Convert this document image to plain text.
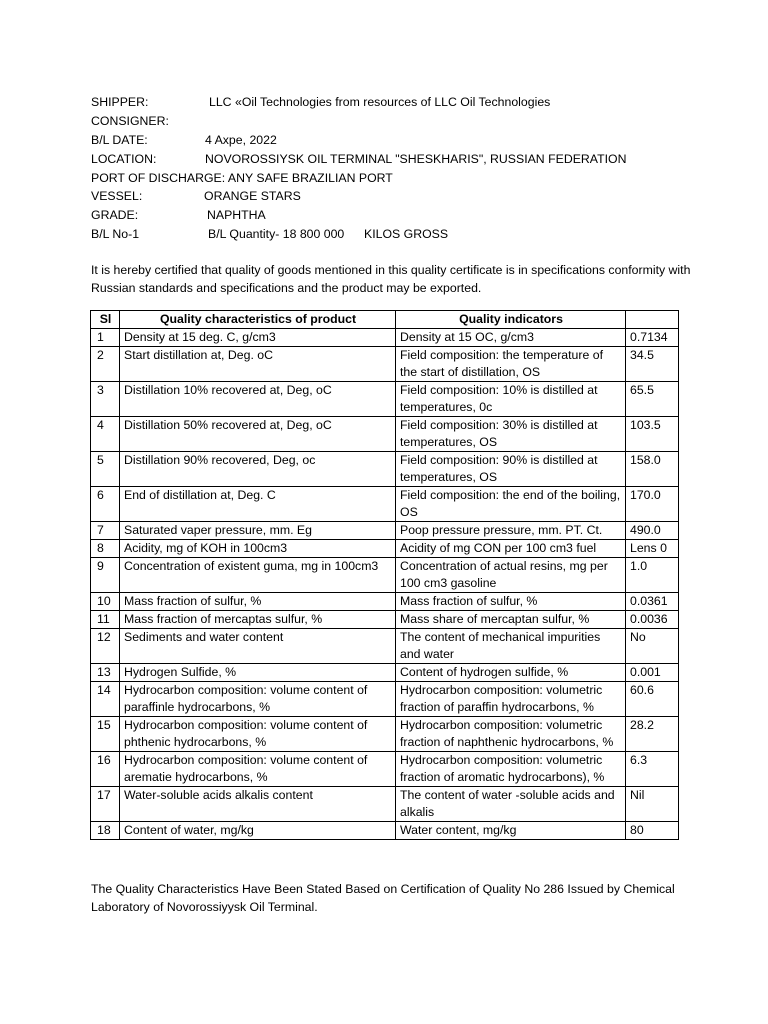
SHIPPER:	LLC «Oil Technologies from resources of LLC Oil Technologies
CONSIGNER:
B/L DATE:	4 Axpe, 2022
LOCATION:	NOVOROSSIYSK OIL TERMINAL "SHESKHARIS", RUSSIAN FEDERATION
PORT OF DISCHARGE: ANY SAFE BRAZILIAN PORT
VESSEL:	ORANGE STARS
GRADE:	NAPHTHA
B/L No-1	B/L Quantity- 18 800 000 KILOS GROSS

It is hereby certified that quality of goods mentioned in this quality certificate is in specifications conformity with Russian standards and specifications and the product may be exported.

Sl	Quality characteristics of product	Quality indicators	
1	Density at 15 deg. C, g/cm3	Density at 15 OC, g/cm3	0.7134
2	Start distillation at, Deg. oC	Field composition: the temperature of the start of distillation, OS	34.5
3	Distillation 10% recovered at, Deg, oC	Field composition: 10% is distilled at temperatures, 0c	65.5
4	Distillation 50% recovered at, Deg, oC	Field composition: 30% is distilled at temperatures, OS	103.5
5	Distillation 90% recovered, Deg, oc	Field composition: 90% is distilled at temperatures, OS	158.0
6	End of distillation at, Deg. C	Field composition: the end of the boiling, OS	170.0
7	Saturated vaper pressure, mm. Eg	Poop pressure pressure, mm. PT. Ct.	490.0
8	Acidity, mg of KOH in 100cm3	Acidity of mg CON per 100 cm3 fuel	Lens 0
9	Concentration of existent guma, mg in 100cm3	Concentration of actual resins, mg per 100 cm3 gasoline	1.0
10	Mass fraction of sulfur, %	Mass fraction of sulfur, %	0.0361
11	Mass fraction of mercaptas sulfur, %	Mass share of mercaptan sulfur, %	0.0036
12	Sediments and water content	The content of mechanical impurities and water	No
13	Hydrogen Sulfide, %	Content of hydrogen sulfide, %	0.001
14	Hydrocarbon composition: volume content of paraffinle hydrocarbons, %	Hydrocarbon composition: volumetric fraction of paraffin hydrocarbons, %	60.6
15	Hydrocarbon composition: volume content of phthenic hydrocarbons, %	Hydrocarbon composition: volumetric fraction of naphthenic hydrocarbons, %	28.2
16	Hydrocarbon composition: volume content of arematie hydrocarbons, %	Hydrocarbon composition: volumetric fraction of aromatic hydrocarbons), %	6.3
17	Water-soluble acids alkalis content	The content of water -soluble acids and alkalis	Nil
18	Content of water, mg/kg	Water content, mg/kg	80

The Quality Characteristics Have Been Stated Based on Certification of Quality No 286 Issued by Chemical Laboratory of Novorossiyysk Oil Terminal.
